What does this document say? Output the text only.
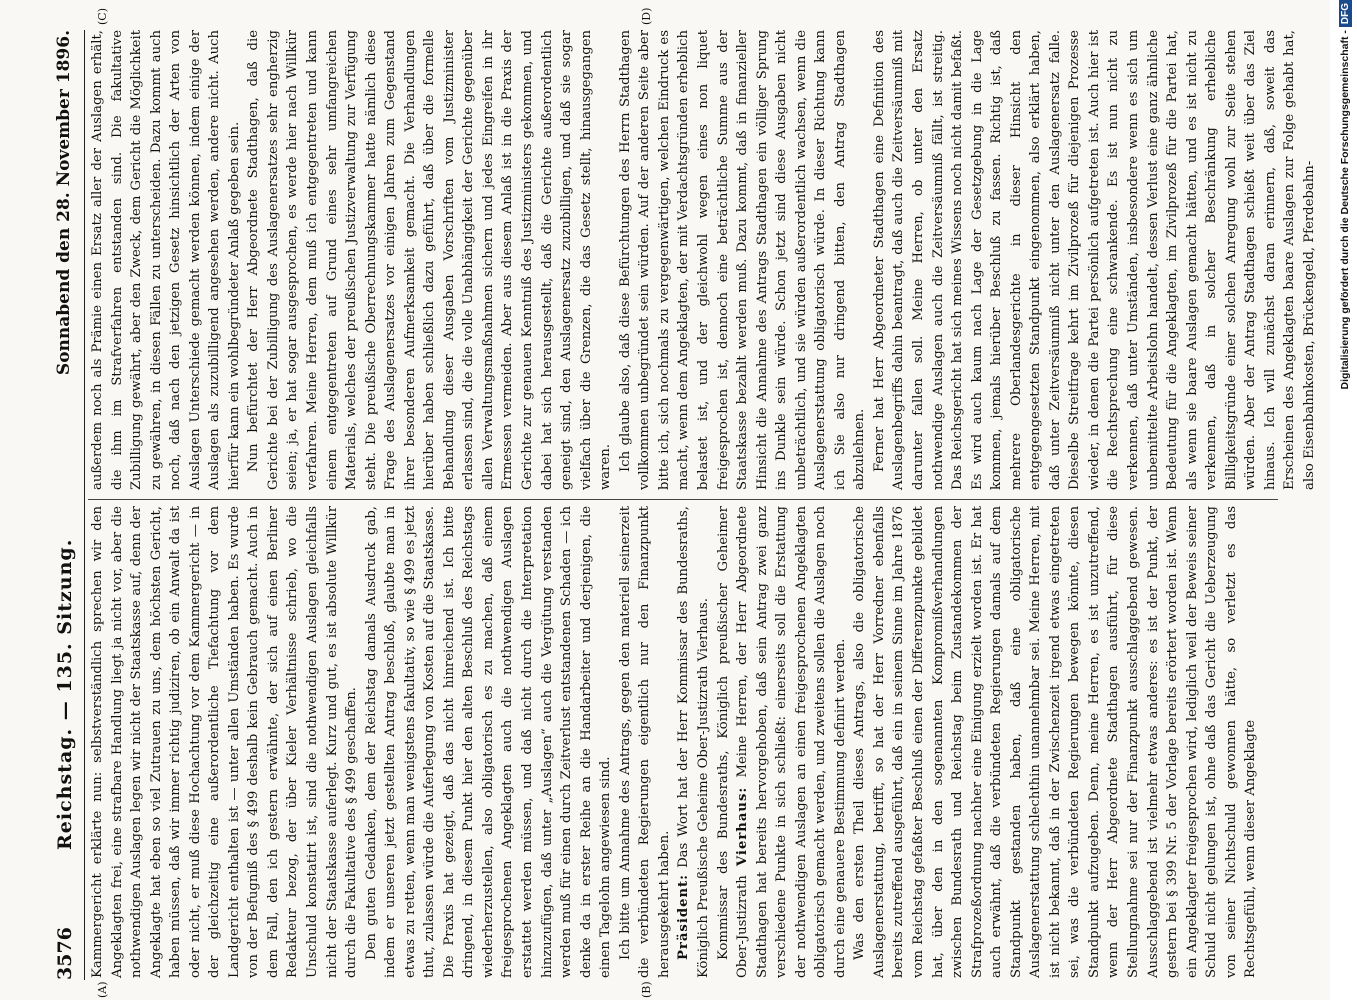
3576
Reichstag. — 135. Sitzung.
Sonnabend den 28. November 1896.
(A)	(B)
(C)	(D)

Kammergericht erklärte nun: selbstverständlich sprechen wir den Angeklagten frei, eine strafbare Handlung liegt ja nicht vor, aber die nothwendigen Auslagen legen wir nicht der Staatskasse auf, denn der Angeklagte hat eben so viel Zutrauen zu uns, dem höchsten Gericht, haben müssen, daß wir immer richtig judiziren, ob ein Anwalt da ist oder nicht, er muß diese Hochachtung vor dem Kammergericht — in der gleichzeitig eine außerordentliche Tiefachtung vor dem Landgericht enthalten ist — unter allen Umständen haben. Es wurde von der Befugniß des § 499 deshalb kein Gebrauch gemacht. Auch in dem Fall, den ich gestern erwähnte, der sich auf einen Berliner Redakteur bezog, der über Kieler Verhältnisse schrieb, wo die Unschuld konstatirt ist, sind die nothwendigen Auslagen gleichfalls nicht der Staatskasse auferlegt. Kurz und gut, es ist absolute Willkür durch die Fakultative des § 499 geschaffen. Den guten Gedanken, dem der Reichstag damals Ausdruck gab, indem er unseren jetzt gestellten Antrag beschloß, glaubte man in etwas zu retten, wenn man wenigstens fakultativ, so wie § 499 es jetzt thut, zulassen würde die Auferlegung von Kosten auf die Staatskasse. Die Praxis hat gezeigt, daß das nicht hinreichend ist. Ich bitte dringend, in diesem Punkt hier den alten Beschluß des Reichstags wiederherzustellen, also obligatorisch es zu machen, daß einem freigesprochenen Angeklagten auch die nothwendigen Auslagen erstattet werden müssen, und daß nicht durch die Interpretation hinzuzufügen, daß unter „Auslagen“ auch die Vergütung verstanden werden muß für einen durch Zeitverlust entstandenen Schaden — ich denke da in erster Reihe an die Handarbeiter und derjenigen, die einen Tagelohn angewiesen sind. Ich bitte um Annahme des Antrags, gegen den materiell seinerzeit die verbündeten Regierungen eigentlich nur den Finanzpunkt herausgekehrt haben. Präsident: Das Wort hat der Herr Kommissar des Bundesraths, Königlich Preußische Geheime Ober-Justizrath Vierhaus. Kommissar des Bundesraths, Königlich preußischer Geheimer Ober-Justizrath Vierhaus: Meine Herren, der Herr Abgeordnete Stadthagen hat bereits hervorgehoben, daß sein Antrag zwei ganz verschiedene Punkte in sich schließt: einerseits soll die Erstattung der nothwendigen Auslagen an einen freigesprochenen Angeklagten obligatorisch gemacht werden, und zweitens sollen die Auslagen noch durch eine genauere Bestimmung definirt werden. Was den ersten Theil dieses Antrags, also die obligatorische Auslagenerstattung, betrifft, so hat der Herr Vorredner ebenfalls bereits zutreffend ausgeführt, daß ein in seinem Sinne im Jahre 1876 vom Reichstag gefaßter Beschluß einen der Differenzpunkte gebildet hat, über den in den sogenannten Kompromißverhandlungen zwischen Bundesrath und Reichstag beim Zustandekommen der Strafprozeßordnung nachher eine Einigung erzielt worden ist. Er hat auch erwähnt, daß die verbündeten Regierungen damals auf dem Standpunkt gestanden haben, daß eine obligatorische Auslagenerstattung schlechthin unannehmbar sei. Meine Herren, mit ist nicht bekannt, daß in der Zwischenzeit irgend etwas eingetreten sei, was die verbündeten Regierungen bewegen könnte, diesen Standpunkt aufzugeben. Denn, meine Herren, es ist unzutreffend, wenn der Herr Abgeordnete Stadthagen ausführt, für diese Stellungnahme sei nur der Finanzpunkt ausschlaggebend gewesen. Ausschlaggebend ist vielmehr etwas anderes: es ist der Punkt, der gestern bei § 399 Nr. 5 der Vorlage bereits erörtert worden ist. Wenn ein Angeklagter freigesprochen wird, lediglich weil der Beweis seiner Schuld nicht gelungen ist, ohne daß das Gericht die Ueberzeugung von seiner Nichtschuld gewonnen hätte, so verletzt es das Rechtsgefühl, wenn dieser Angeklagte

außerdem noch als Prämie einen Ersatz aller der Auslagen erhält, die ihm im Strafverfahren entstanden sind. Die fakultative Zubilligung gewährt, aber den Zweck, dem Gericht die Möglichkeit zu gewähren, in diesen Fällen zu unterscheiden. Dazu kommt auch noch, daß nach den jetzigen Gesetz hinsichtlich der Arten von Auslagen Unterschiede gemacht werden können, indem einige der Auslagen als zuzubilligend angesehen werden, andere nicht. Auch hierfür kann ein wohlbegründeter Anlaß gegeben sein. Nun befürchtet der Herr Abgeordnete Stadthagen, daß die Gerichte bei der Zubilligung des Auslagenersatzes sehr engherzig seien; ja, er hat sogar ausgesprochen, es werde hier nach Willkür verfahren. Meine Herren, dem muß ich entgegentreten und kann einem entgegentreten auf Grund eines sehr umfangreichen Materials, welches der preußischen Justizverwaltung zur Verfügung steht. Die preußische Oberrechnungskammer hatte nämlich diese Frage des Auslagenersatzes vor einigen Jahren zum Gegenstand ihrer besonderen Aufmerksamkeit gemacht. Die Verhandlungen hierüber haben schließlich dazu geführt, daß über die formelle Behandlung dieser Ausgaben Vorschriften vom Justizminister erlassen sind, die die volle Unabhängigkeit der Gerichte gegenüber allen Verwaltungsmaßnahmen sichern und jedes Eingreifen in ihr Ermessen vermeiden. Aber aus diesem Anlaß ist in die Praxis der Gerichte zur genauen Kenntniß des Justizministers gekommen, und dabei hat sich herausgestellt, daß die Gerichte außerordentlich geneigt sind, den Auslagenersatz zuzubilligen, und daß sie sogar vielfach über die Grenzen, die das Gesetz stellt, hinausgegangen waren. Ich glaube also, daß diese Befürchtungen des Herrn Stadthagen vollkommen unbegründet sein würden. Auf der anderen Seite aber bitte ich, sich nochmals zu vergegenwärtigen, welchen Eindruck es macht, wenn dem Angeklagten, der mit Verdachtsgründen erheblich belastet ist, und der gleichwohl wegen eines non liquet freigesprochen ist, dennoch eine beträchtliche Summe aus der Staatskasse bezahlt werden muß. Dazu kommt, daß in finanzieller Hinsicht die Annahme des Antrags Stadthagen ein völliger Sprung ins Dunkle sein würde. Schon jetzt sind diese Ausgaben nicht unbeträchtlich, und sie würden außerordentlich wachsen, wenn die Auslagenerstattung obligatorisch würde. In dieser Richtung kann ich Sie also nur dringend bitten, den Antrag Stadthagen abzulehnen. Ferner hat Herr Abgeordneter Stadthagen eine Definition des Auslagenbegriffs dahin beantragt, daß auch die Zeitversäumniß mit darunter fallen soll. Meine Herren, ob unter den Ersatz nothwendige Auslagen auch die Zeitversäumniß fällt, ist streitig. Das Reichsgericht hat sich meines Wissens noch nicht damit befaßt. Es wird auch kaum nach Lage der Gesetzgebung in die Lage kommen, jemals hierüber Beschluß zu fassen. Richtig ist, daß mehrere Oberlandesgerichte in dieser Hinsicht den entgegengesetzten Standpunkt eingenommen, also erklärt haben, daß unter Zeitversäumniß nicht unter den Auslagenersatz falle. Dieselbe Streitfrage kehrt im Zivilprozeß für diejenigen Prozesse wieder, in denen die Partei persönlich aufgetreten ist. Auch hier ist die Rechtsprechung eine schwankende. Es ist nun nicht zu verkennen, daß unter Umständen, insbesondere wenn es sich um unbemittelte Arbeitslohn handelt, dessen Verlust eine ganz ähnliche Bedeutung für die Angeklagten, im Zivilprozeß für die Partei hat, als wenn sie baare Auslagen gemacht hätten, und es ist nicht zu verkennen, daß in solcher Beschränkung erhebliche Billigkeitsgründe einer solchen Anregung wohl zur Seite stehen würden. Aber der Antrag Stadthagen schießt weit über das Ziel hinaus. Ich will zunächst daran erinnern, daß, soweit das Erscheinen des Angeklagten baare Auslagen zur Folge gehabt hat, also Eisenbahnkosten, Brückengeld, Pferdebahn-	Digitalisierung gefördert durch die Deutsche Forschungsgemeinschaft -DFG
